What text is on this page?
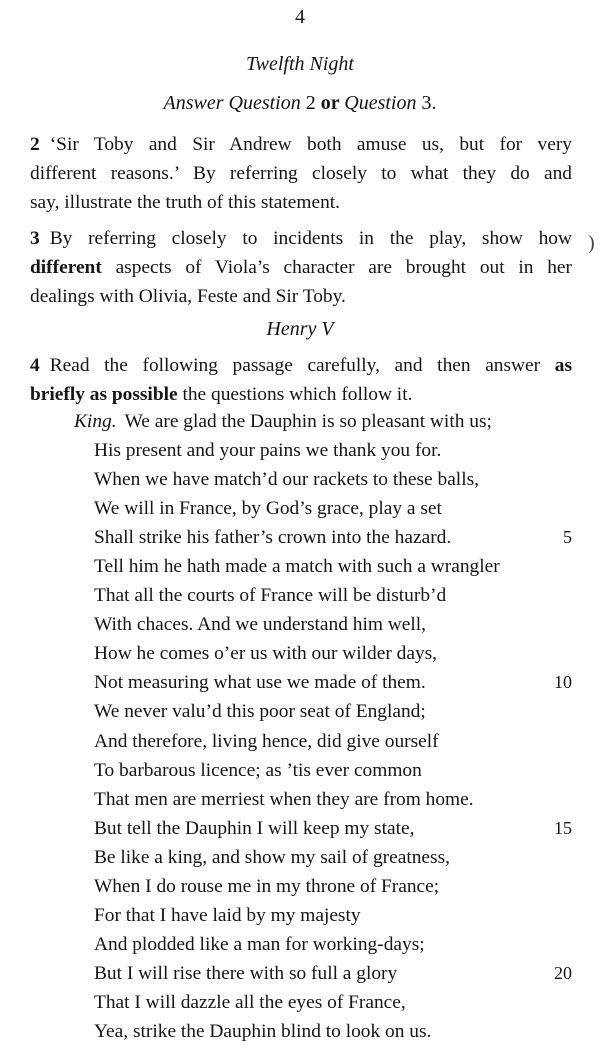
4
Twelfth Night
Answer Question 2 or Question 3.
2 ‘Sir Toby and Sir Andrew both amuse us, but for very
different reasons.’ By referring closely to what they do and
say, illustrate the truth of this statement.
3 By referring closely to incidents in the play, show how
different aspects of Viola’s character are brought out in her
dealings with Olivia, Feste and Sir Toby.
)
Henry V
4 Read the following passage carefully, and then answer as
briefly as possible the questions which follow it.
King. We are glad the Dauphin is so pleasant with us;
His present and your pains we thank you for.
When we have match’d our rackets to these balls,
We will in France, by God’s grace, play a set
Shall strike his father’s crown into the hazard.	5
Tell him he hath made a match with such a wrangler
That all the courts of France will be disturb’d
With chaces. And we understand him well,
How he comes o’er us with our wilder days,
Not measuring what use we made of them.	10
We never valu’d this poor seat of England;
And therefore, living hence, did give ourself
To barbarous licence; as ’tis ever common
That men are merriest when they are from home.
But tell the Dauphin I will keep my state,	15
Be like a king, and show my sail of greatness,
When I do rouse me in my throne of France;
For that I have laid by my majesty
And plodded like a man for working-days;
But I will rise there with so full a glory	20
That I will dazzle all the eyes of France,
Yea, strike the Dauphin blind to look on us.
